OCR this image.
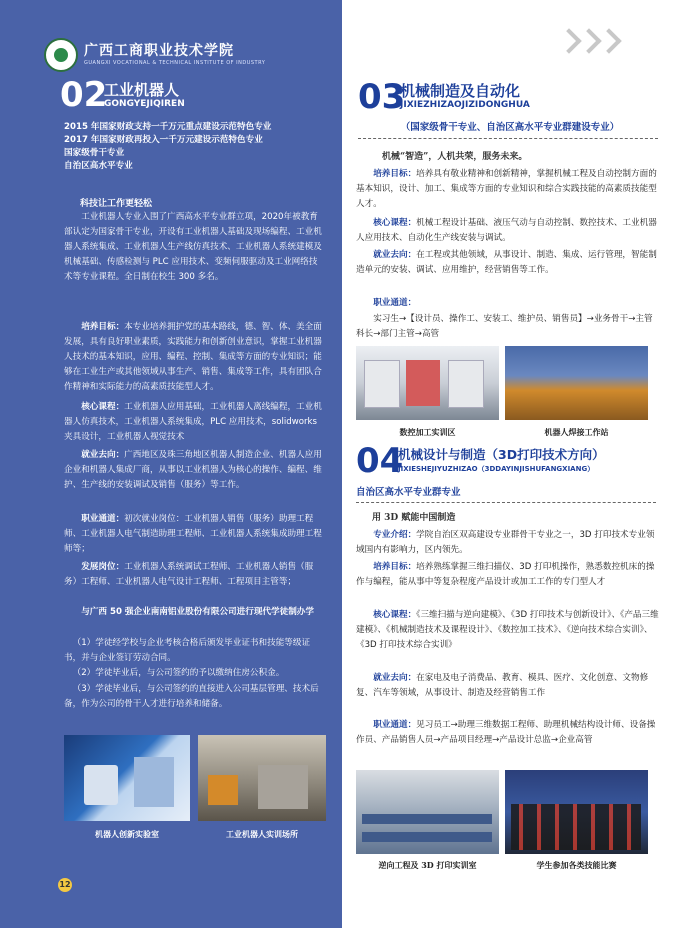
广西工商职业技术学院
GUANGXI VOCATIONAL & TECHNICAL INSTITUTE OF INDUSTRY
02
工业机器人
GONGYEJIQIREN
2015 年国家财政支持一千万元重点建设示范特色专业
2017 年国家财政再投入一千万元建设示范特色专业
国家级骨干专业
自治区高水平专业
科技让工作更轻松
工业机器人专业入围了广西高水平专业群立项，2020年被教育部认定为国家骨干专业，开设有工业机器人基础及现场编程、工业机器人系统集成、工业机器人生产线仿真技术、工业机器人系统建模及机械基础、传感检测与 PLC 应用技术、变频伺服驱动及工业网络技术等专业课程。全日制在校生 300 多名。
培养目标：本专业培养拥护党的基本路线，德、智、体、美全面发展，具有良好职业素质，实践能力和创新创业意识，掌握工业机器人技术的基本知识，应用、编程、控制、集成等方面的专业知识；能够在工业生产或其他领域从事生产、销售、集成等工作，具有团队合作精神和实际能力的高素质技能型人才。
核心课程：工业机器人应用基础，工业机器人离线编程，工业机器人仿真技术，工业机器人系统集成，PLC 应用技术，solidworks 夹具设计，工业机器人视觉技术
就业去向：广西地区及珠三角地区机器人制造企业、机器人应用企业和机器人集成厂商，从事以工业机器人为核心的操作、编程、维护、生产线的安装调试及销售（服务）等工作。
职业通道：初次就业岗位：工业机器人销售（服务）助理工程师、工业机器人电气制造助理工程师、工业机器人系统集成助理工程师等；
发展岗位：工业机器人系统调试工程师、工业机器人销售（服务）工程师、工业机器人电气设计工程师、工程项目主管等；
与广西 50 强企业南南铝业股份有限公司进行现代学徒制办学
（1）学徒经学校与企业考核合格后颁发毕业证书和技能等级证书，并与企业签订劳动合同。
（2）学徒毕业后，与公司签约的予以缴纳住房公积金。
（3）学徒毕业后，与公司签约的直接进入公司基层管理、技术后备，作为公司的骨干人才进行培养和储备。
机器人创新实验室	工业机器人实训场所
12
03
机械制造及自动化
JIXIEZHIZAOJIZIDONGHUA
（国家级骨干专业、自治区高水平专业群建设专业）
机械“智造”，人机共荣，服务未来。
培养目标：培养具有敬业精神和创新精神，掌握机械工程及自动控制方面的基本知识，设计、加工、集成等方面的专业知识和综合实践技能的高素质技能型人才。
核心课程：机械工程设计基础、液压气动与自动控制、数控技术、工业机器人应用技术、自动化生产线安装与调试。
就业去向：在工程或其他领域，从事设计、制造、集成、运行管理，智能制造单元的安装、调试、应用维护，经营销售等工作。
职业通道：
实习生→【设计员、操作工、安装工、维护员、销售员】→业务骨干→主管科长→部门主管→高管
数控加工实训区	机器人焊接工作站
04
机械设计与制造（3D打印技术方向）
JIXIESHEJIYUZHIZAO（3DDAYINJISHUFANGXIANG）
自治区高水平专业群专业
用 3D 赋能中国制造
专业介绍：学院自治区双高建设专业群骨干专业之一，3D 打印技术专业领域国内有影响力，区内领先。
培养目标：培养熟练掌握三维扫描仪、3D 打印机操作，熟悉数控机床的操作与编程，能从事中等复杂程度产品设计或加工工作的专门型人才
核心课程：《三维扫描与逆向建模》、《3D 打印技术与创新设计》、《产品三维建模》、《机械制造技术及课程设计》、《数控加工技术》、《逆向技术综合实训》、《3D 打印技术综合实训》
就业去向：在家电及电子消费品、教育、模具、医疗、文化创意、文物修复、汽车等领域，从事设计、制造及经营销售工作
职业通道：见习员工→助理三维数据工程师、助理机械结构设计师、设备操作员、产品销售人员→产品项目经理→产品设计总监→企业高管
逆向工程及 3D 打印实训室	学生参加各类技能比赛
